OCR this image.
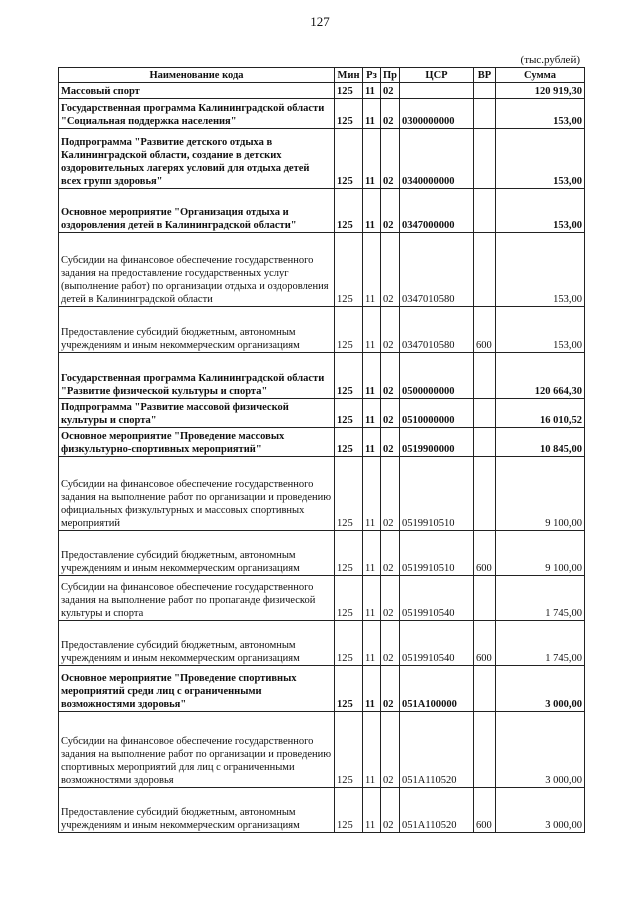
127
(тыс.рублей)
Наименование кода	Мин	Рз	Пр	ЦСР	ВР	Сумма
Массовый спорт	125	11	02			120 919,30
Государственная программа Калининградской области "Социальная поддержка населения"	125	11	02	0300000000		153,00
Подпрограмма "Развитие детского отдыха в Калининградской области, создание в детских оздоровительных лагерях условий для отдыха детей всех групп здоровья"	125	11	02	0340000000		153,00
Основное мероприятие "Организация отдыха и оздоровления детей в Калининградской области"	125	11	02	0347000000		153,00
Субсидии на финансовое обеспечение государственного задания на предоставление государственных услуг (выполнение работ) по организации отдыха и оздоровления детей в Калининградской области	125	11	02	0347010580		153,00
Предоставление субсидий бюджетным, автономным учреждениям и иным некоммерческим организациям	125	11	02	0347010580	600	153,00
Государственная программа Калининградской области "Развитие физической культуры и спорта"	125	11	02	0500000000		120 664,30
Подпрограмма "Развитие массовой физической культуры и спорта"	125	11	02	0510000000		16 010,52
Основное мероприятие "Проведение массовых физкультурно-спортивных мероприятий"	125	11	02	0519900000		10 845,00
Субсидии на финансовое обеспечение государственного задания на выполнение работ по организации и проведению официальных физкультурных и массовых спортивных мероприятий	125	11	02	0519910510		9 100,00
Предоставление субсидий бюджетным, автономным учреждениям и иным некоммерческим организациям	125	11	02	0519910510	600	9 100,00
Субсидии на финансовое обеспечение государственного задания на выполнение работ по пропаганде физической культуры и спорта	125	11	02	0519910540		1 745,00
Предоставление субсидий бюджетным, автономным учреждениям и иным некоммерческим организациям	125	11	02	0519910540	600	1 745,00
Основное мероприятие "Проведение спортивных мероприятий среди лиц с ограниченными возможностями здоровья"	125	11	02	051А100000		3 000,00
Субсидии на финансовое обеспечение государственного задания на выполнение работ по организации и проведению спортивных мероприятий для лиц с ограниченными возможностями здоровья	125	11	02	051А110520		3 000,00
Предоставление субсидий бюджетным, автономным учреждениям и иным некоммерческим организациям	125	11	02	051А110520	600	3 000,00
